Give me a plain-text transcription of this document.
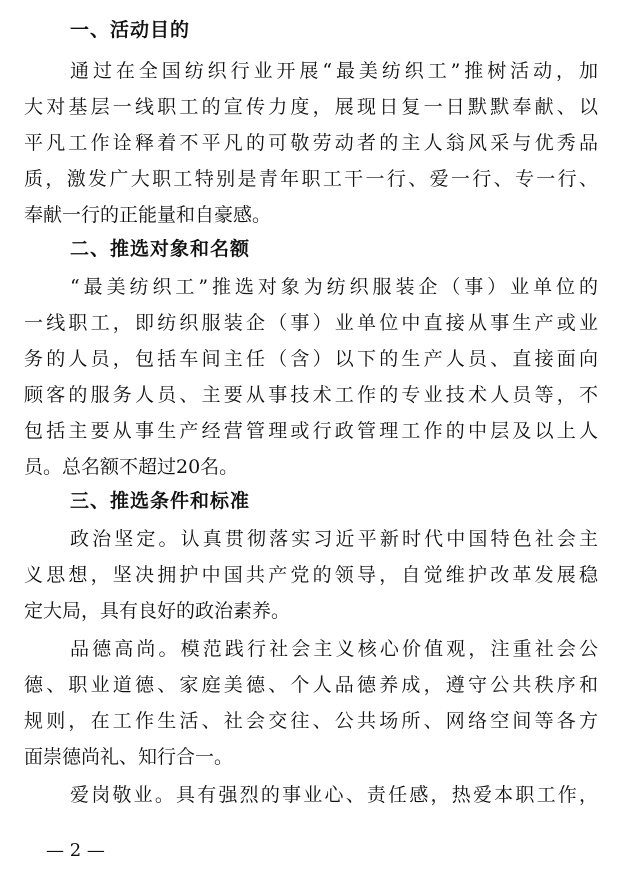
一、活动目的
通过在全国纺织行业开展“最美纺织工”推树活动，加
大对基层一线职工的宣传力度，展现日复一日默默奉献、以
平凡工作诠释着不平凡的可敬劳动者的主人翁风采与优秀品
质，激发广大职工特别是青年职工干一行、爱一行、专一行、
奉献一行的正能量和自豪感。
二、推选对象和名额
“最美纺织工”推选对象为纺织服装企（事）业单位的
一线职工，即纺织服装企（事）业单位中直接从事生产或业
务的人员，包括车间主任（含）以下的生产人员、直接面向
顾客的服务人员、主要从事技术工作的专业技术人员等，不
包括主要从事生产经营管理或行政管理工作的中层及以上人
员。总名额不超过20名。
三、推选条件和标准
政治坚定。认真贯彻落实习近平新时代中国特色社会主
义思想，坚决拥护中国共产党的领导，自觉维护改革发展稳
定大局，具有良好的政治素养。
品德高尚。模范践行社会主义核心价值观，注重社会公
德、职业道德、家庭美德、个人品德养成，遵守公共秩序和
规则，在工作生活、社会交往、公共场所、网络空间等各方
面崇德尚礼、知行合一。
爱岗敬业。具有强烈的事业心、责任感，热爱本职工作，
— 2 —
